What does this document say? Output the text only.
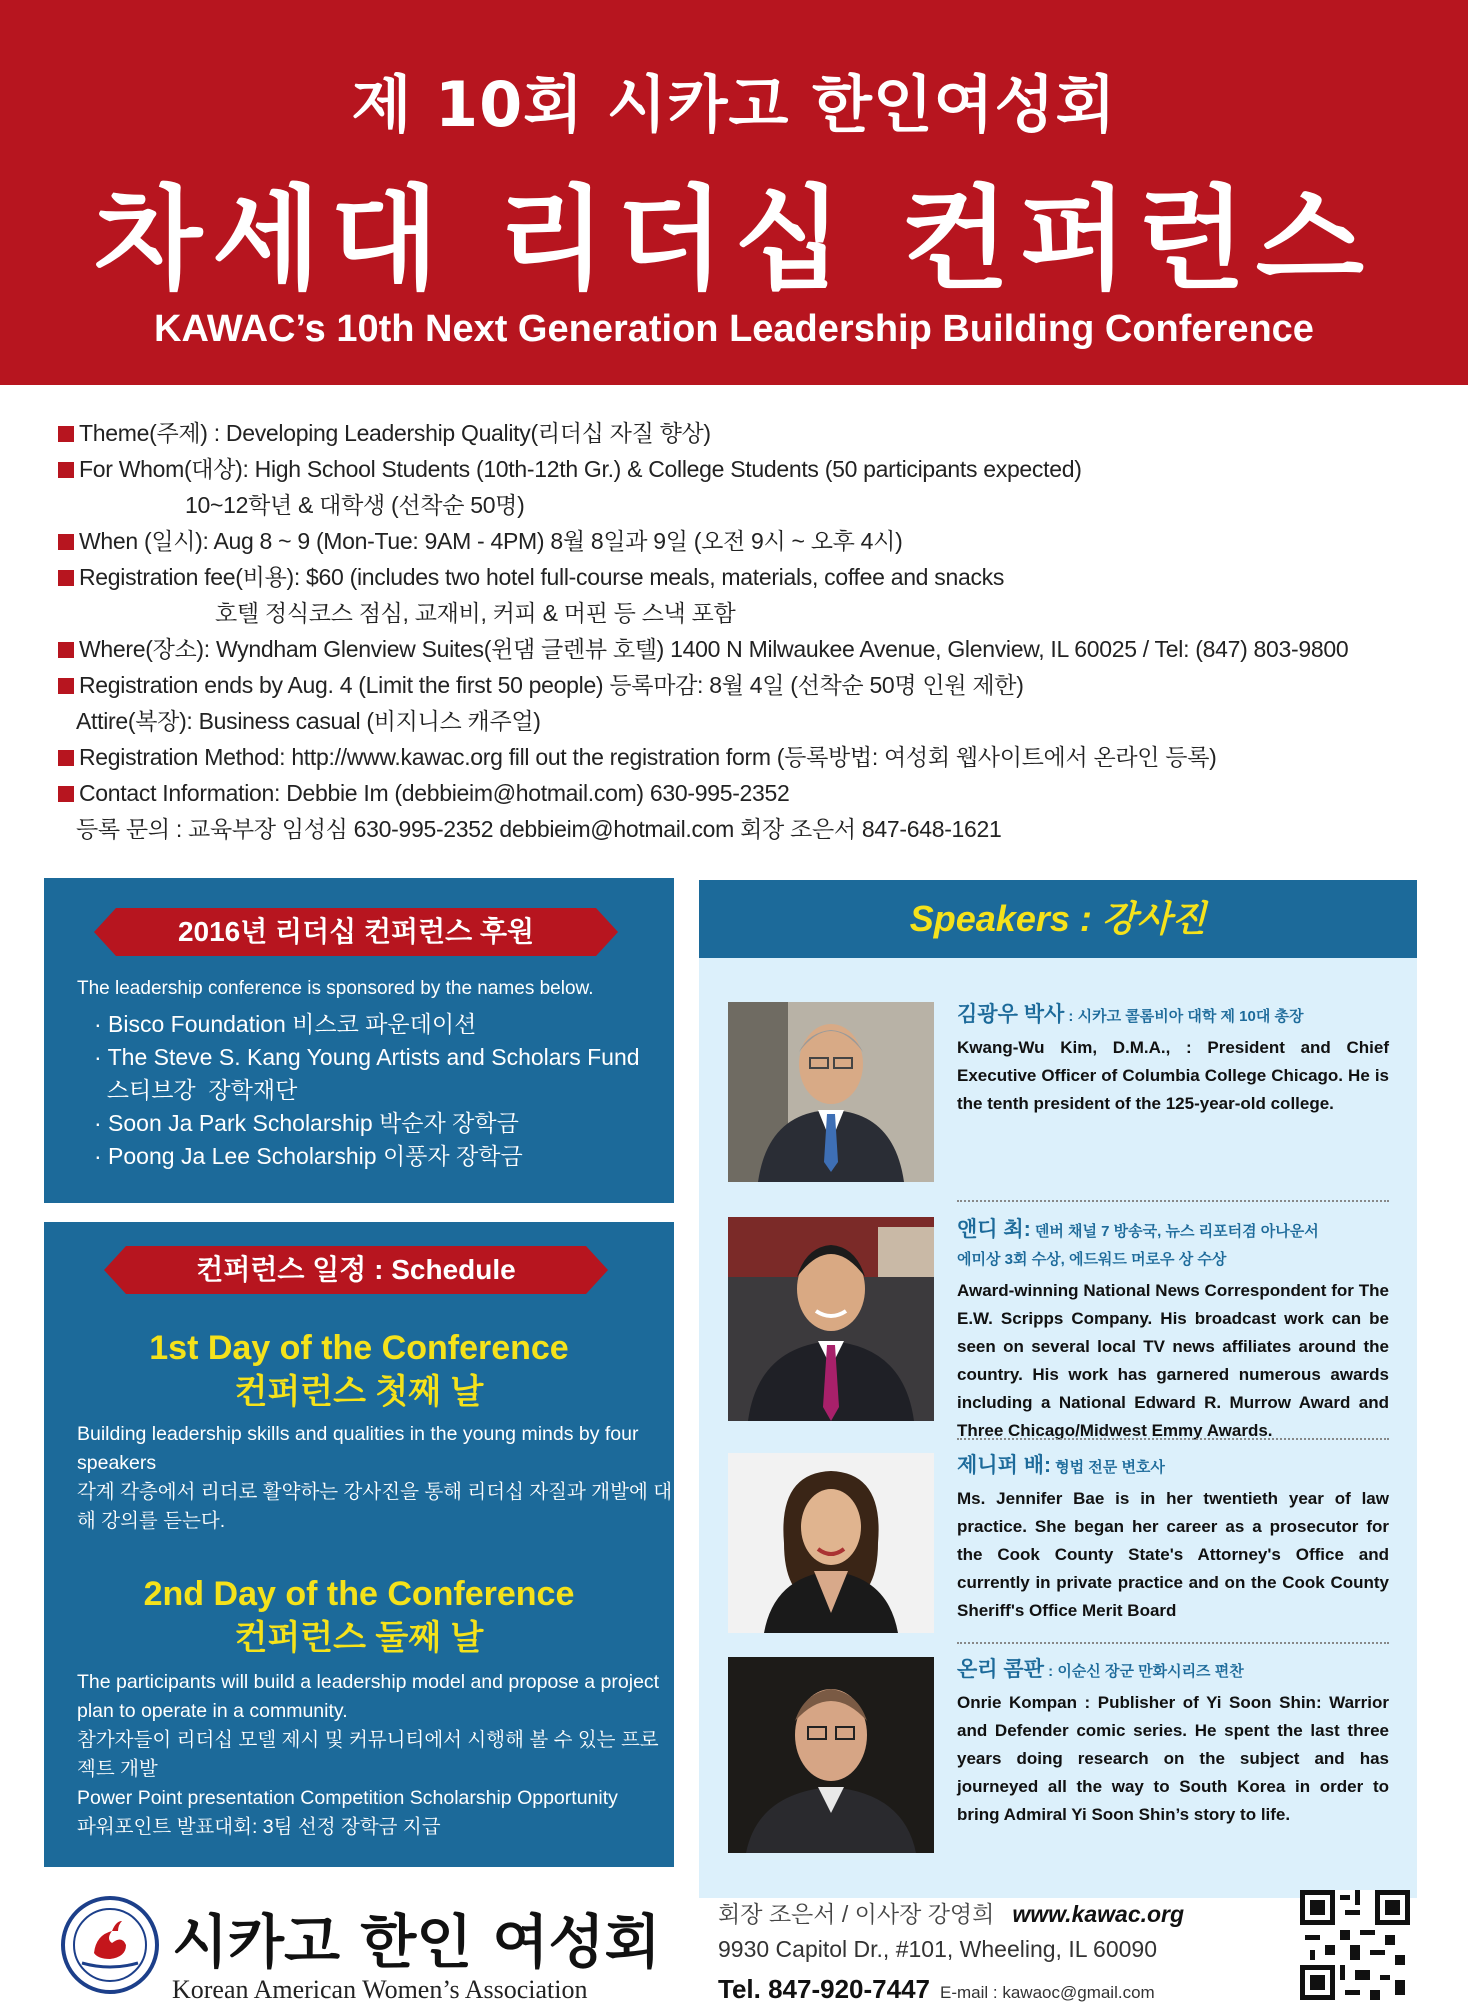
제 10회 시카고 한인여성회
차세대 리더십 컨퍼런스
KAWAC’s 10th Next Generation Leadership Building Conference
Theme(주제) : Developing Leadership Quality(리더십 자질 향상)
For Whom(대상): High School Students (10th-12th Gr.) & College Students (50 participants expected)
10~12학년 & 대학생 (선착순 50명)
When (일시): Aug 8 ~ 9 (Mon-Tue: 9AM - 4PM) 8월 8일과 9일 (오전 9시 ~ 오후 4시)
Registration fee(비용): $60 (includes two hotel full-course meals, materials, coffee and snacks
호텔 정식코스 점심, 교재비, 커피 & 머핀 등 스낵 포함
Where(장소): Wyndham Glenview Suites(윈댐 글렌뷰 호텔) 1400 N Milwaukee Avenue, Glenview, IL 60025 / Tel: (847) 803-9800
Registration ends by Aug. 4 (Limit the first 50 people) 등록마감: 8월 4일 (선착순 50명 인원 제한)
Attire(복장): Business casual (비지니스 캐주얼)
Registration Method: http://www.kawac.org fill out the registration form (등록방법: 여성회 웹사이트에서 온라인 등록)
Contact Information: Debbie Im (debbieim@hotmail.com) 630-995-2352
등록 문의 : 교육부장 임성심 630-995-2352 debbieim@hotmail.com 회장 조은서 847-648-1621
2016년 리더십 컨퍼런스 후원
The leadership conference is sponsored by the names below.
· Bisco Foundation 비스코 파운데이션
· The Steve S. Kang Young Artists and Scholars Fund
스티브강  장학재단
· Soon Ja Park Scholarship 박순자 장학금
· Poong Ja Lee Scholarship 이풍자 장학금
컨퍼런스 일정 : Schedule
1st Day of the Conference
컨퍼런스 첫째 날
Building leadership skills and qualities in the young minds by four speakers
각계 각층에서 리더로 활약하는 강사진을 통해 리더십 자질과 개발에 대해 강의를 듣는다.
2nd Day of the Conference
컨퍼런스 둘째 날
The participants will build a leadership model and propose a project plan to operate in a community.
참가자들이 리더십 모델 제시 및 커뮤니티에서 시행해 볼 수 있는 프로젝트 개발
Power Point presentation Competition Scholarship Opportunity
파워포인트 발표대회: 3팀 선정 장학금 지급
Speakers : 강사진
김광우 박사 : 시카고 콜롬비아 대학 제 10대 총장
Kwang-Wu Kim, D.M.A., : President and Chief Executive Officer of Columbia College Chicago. He is the tenth president of the 125-year-old college.
앤디 최: 덴버 채널 7 방송국, 뉴스 리포터겸 아나운서
에미상 3회 수상, 에드워드 머로우 상 수상
Award-winning National News Correspondent for The E.W. Scripps Company. His broadcast work can be seen on several local TV news affiliates around the country. His work has garnered numerous awards including a National Edward R. Murrow Award and Three Chicago/Midwest Emmy Awards.
제니퍼 배: 형법 전문 변호사
Ms. Jennifer Bae is in her twentieth year of law practice. She began her career as a prosecutor for the Cook County State's Attorney's Office and currently in private practice and on the Cook County Sheriff's Office Merit Board
온리 콤판 : 이순신 장군 만화시리즈 편찬
Onrie Kompan : Publisher of Yi Soon Shin: Warrior and Defender comic series. He spent the last three years doing research on the subject and has journeyed all the way to South Korea in order to bring Admiral Yi Soon Shin’s story to life.
시카고 한인 여성회
Korean American Women’s Association
회장 조은서 / 이사장 강영희 www.kawac.org
9930 Capitol Dr., #101, Wheeling, IL 60090
Tel. 847-920-7447 E-mail : kawaoc@gmail.com
